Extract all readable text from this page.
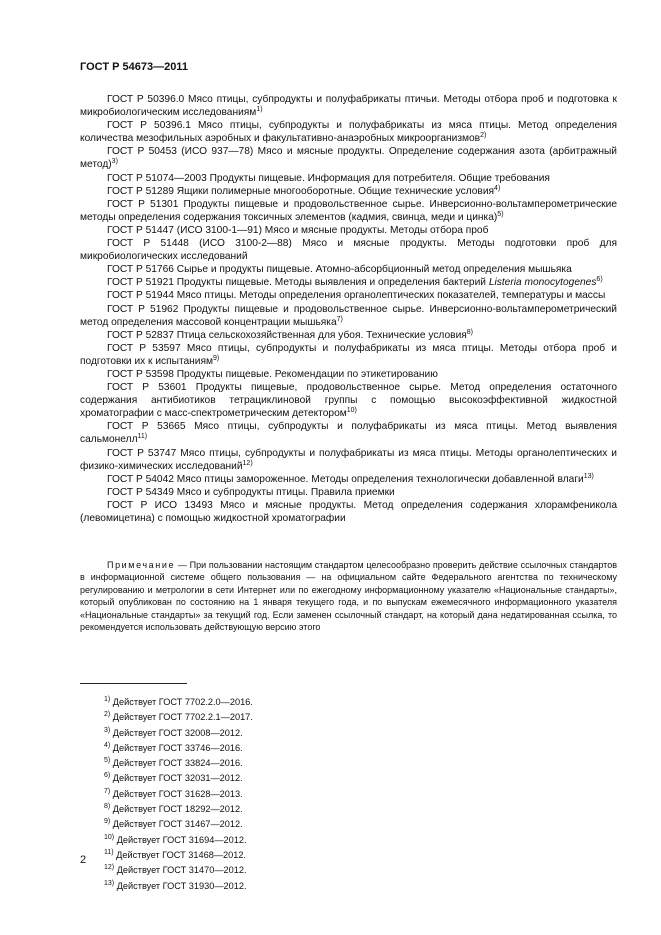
ГОСТ Р 54673—2011

ГОСТ Р 50396.0 Мясо птицы, субпродукты и полуфабрикаты птичьи. Методы отбора проб и подготовка к микробиологическим исследованиям$^{1)}$

ГОСТ Р 50396.1 Мясо птицы, субпродукты и полуфабрикаты из мяса птицы. Метод определения количества мезофильных аэробных и факультативно-анаэробных микроорганизмов$^{2)}$

ГОСТ Р 50453 (ИСО 937—78) Мясо и мясные продукты. Определение содержания азота (арбитражный метод)$^{3)}$

ГОСТ Р 51074—2003 Продукты пищевые. Информация для потребителя. Общие требования

ГОСТ Р 51289 Ящики полимерные многооборотные. Общие технические условия$^{4)}$

ГОСТ Р 51301 Продукты пищевые и продовольственное сырье. Инверсионно-вольтамперометрические методы определения содержания токсичных элементов (кадмия, свинца, меди и цинка)$^{5)}$

ГОСТ Р 51447 (ИСО 3100-1—91) Мясо и мясные продукты. Методы отбора проб

ГОСТ Р 51448 (ИСО 3100-2—88) Мясо и мясные продукты. Методы подготовки проб для микробиологических исследований

ГОСТ Р 51766 Сырье и продукты пищевые. Атомно-абсорбционный метод определения мышьяка

ГОСТ Р 51921 Продукты пищевые. Методы выявления и определения бактерий Listeria monocytogenes$^{6)}$

ГОСТ Р 51944 Мясо птицы. Методы определения органолептических показателей, температуры и массы

ГОСТ Р 51962 Продукты пищевые и продовольственное сырье. Инверсионно-вольтамперометрический метод определения массовой концентрации мышьяка$^{7)}$

ГОСТ Р 52837 Птица сельскохозяйственная для убоя. Технические условия$^{8)}$

ГОСТ Р 53597 Мясо птицы, субпродукты и полуфабрикаты из мяса птицы. Методы отбора проб и подготовки их к испытаниям$^{9)}$

ГОСТ Р 53598 Продукты пищевые. Рекомендации по этикетированию

ГОСТ Р 53601 Продукты пищевые, продовольственное сырье. Метод определения остаточного содержания антибиотиков тетрациклиновой группы с помощью высокоэффективной жидкостной хроматографии с масс-спектрометрическим детектором$^{10)}$

ГОСТ Р 53665 Мясо птицы, субпродукты и полуфабрикаты из мяса птицы. Метод выявления сальмонелл$^{11)}$

ГОСТ Р 53747 Мясо птицы, субпродукты и полуфабрикаты из мяса птицы. Методы органолептических и физико-химических исследований$^{12)}$

ГОСТ Р 54042 Мясо птицы замороженное. Методы определения технологически добавленной влаги$^{13)}$

ГОСТ Р 54349 Мясо и субпродукты птицы. Правила приемки

ГОСТ Р ИСО 13493 Мясо и мясные продукты. Метод определения содержания хлорамфеникола (левомицетина) с помощью жидкостной хроматографии

Примечание — При пользовании настоящим стандартом целесообразно проверить действие ссылочных стандартов в информационной системе общего пользования — на официальном сайте Федерального агентства по техническому регулированию и метрологии в сети Интернет или по ежегодному информационному указателю «Национальные стандарты», который опубликован по состоянию на 1 января текущего года, и по выпускам ежемесячного информационного указателя «Национальные стандарты» за текущий год. Если заменен ссылочный стандарт, на который дана недатированная ссылка, то рекомендуется использовать действующую версию этого

$^{1)}$ Действует ГОСТ 7702.2.0—2016.
$^{2)}$ Действует ГОСТ 7702.2.1—2017.
$^{3)}$ Действует ГОСТ 32008—2012.
$^{4)}$ Действует ГОСТ 33746—2016.
$^{5)}$ Действует ГОСТ 33824—2016.
$^{6)}$ Действует ГОСТ 32031—2012.
$^{7)}$ Действует ГОСТ 31628—2013.
$^{8)}$ Действует ГОСТ 18292—2012.
$^{9)}$ Действует ГОСТ 31467—2012.
$^{10)}$ Действует ГОСТ 31694—2012.
$^{11)}$ Действует ГОСТ 31468—2012.
$^{12)}$ Действует ГОСТ 31470—2012.
$^{13)}$ Действует ГОСТ 31930—2012.
2
